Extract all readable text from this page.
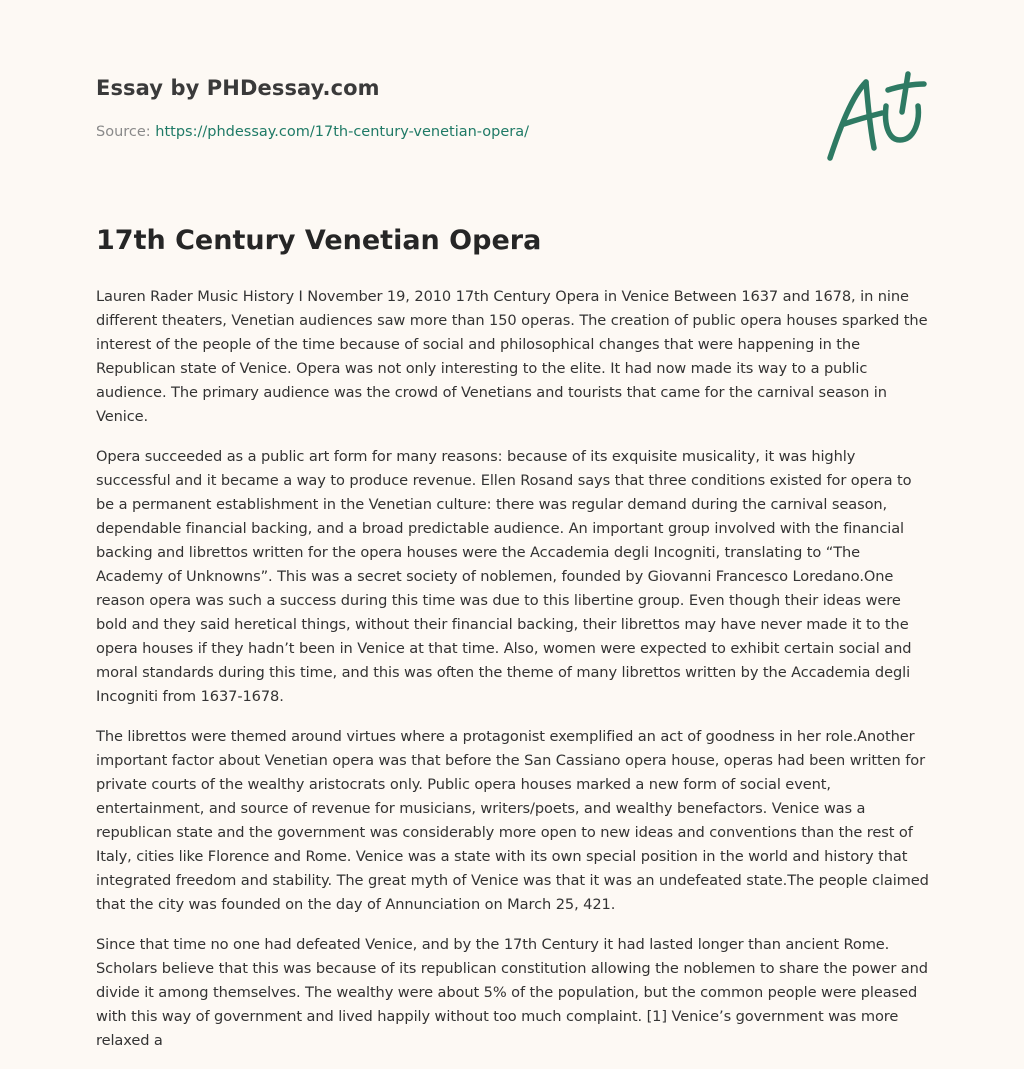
Essay by PHDessay.com
Source: https://phdessay.com/17th-century-venetian-opera/
17th Century Venetian Opera

Lauren Rader Music History I November 19, 2010 17th Century Opera in Venice Between 1637 and 1678, in nine different theaters, Venetian audiences saw more than 150 operas. The creation of public opera houses sparked the interest of the people of the time because of social and philosophical changes that were happening in the Republican state of Venice. Opera was not only interesting to the elite. It had now made its way to a public audience. The primary audience was the crowd of Venetians and tourists that came for the carnival season in Venice.

Opera succeeded as a public art form for many reasons: because of its exquisite musicality, it was highly successful and it became a way to produce revenue. Ellen Rosand says that three conditions existed for opera to be a permanent establishment in the Venetian culture: there was regular demand during the carnival season, dependable financial backing, and a broad predictable audience. An important group involved with the financial backing and librettos written for the opera houses were the Accademia degli Incogniti, translating to “The Academy of Unknowns”. This was a secret society of noblemen, founded by Giovanni Francesco Loredano.One reason opera was such a success during this time was due to this libertine group. Even though their ideas were bold and they said heretical things, without their financial backing, their librettos may have never made it to the opera houses if they hadn’t been in Venice at that time. Also, women were expected to exhibit certain social and moral standards during this time, and this was often the theme of many librettos written by the Accademia degli Incogniti from 1637-1678.

The librettos were themed around virtues where a protagonist exemplified an act of goodness in her role.Another important factor about Venetian opera was that before the San Cassiano opera house, operas had been written for private courts of the wealthy aristocrats only. Public opera houses marked a new form of social event, entertainment, and source of revenue for musicians, writers/poets, and wealthy benefactors. Venice was a republican state and the government was considerably more open to new ideas and conventions than the rest of Italy, cities like Florence and Rome. Venice was a state with its own special position in the world and history that integrated freedom and stability. The great myth of Venice was that it was an undefeated state.The people claimed that the city was founded on the day of Annunciation on March 25, 421.

Since that time no one had defeated Venice, and by the 17th Century it had lasted longer than ancient Rome. Scholars believe that this was because of its republican constitution allowing the noblemen to share the power and divide it among themselves. The wealthy were about 5% of the population, but the common people were pleased with this way of government and lived happily without too much complaint. [1] Venice’s government was more relaxed a
